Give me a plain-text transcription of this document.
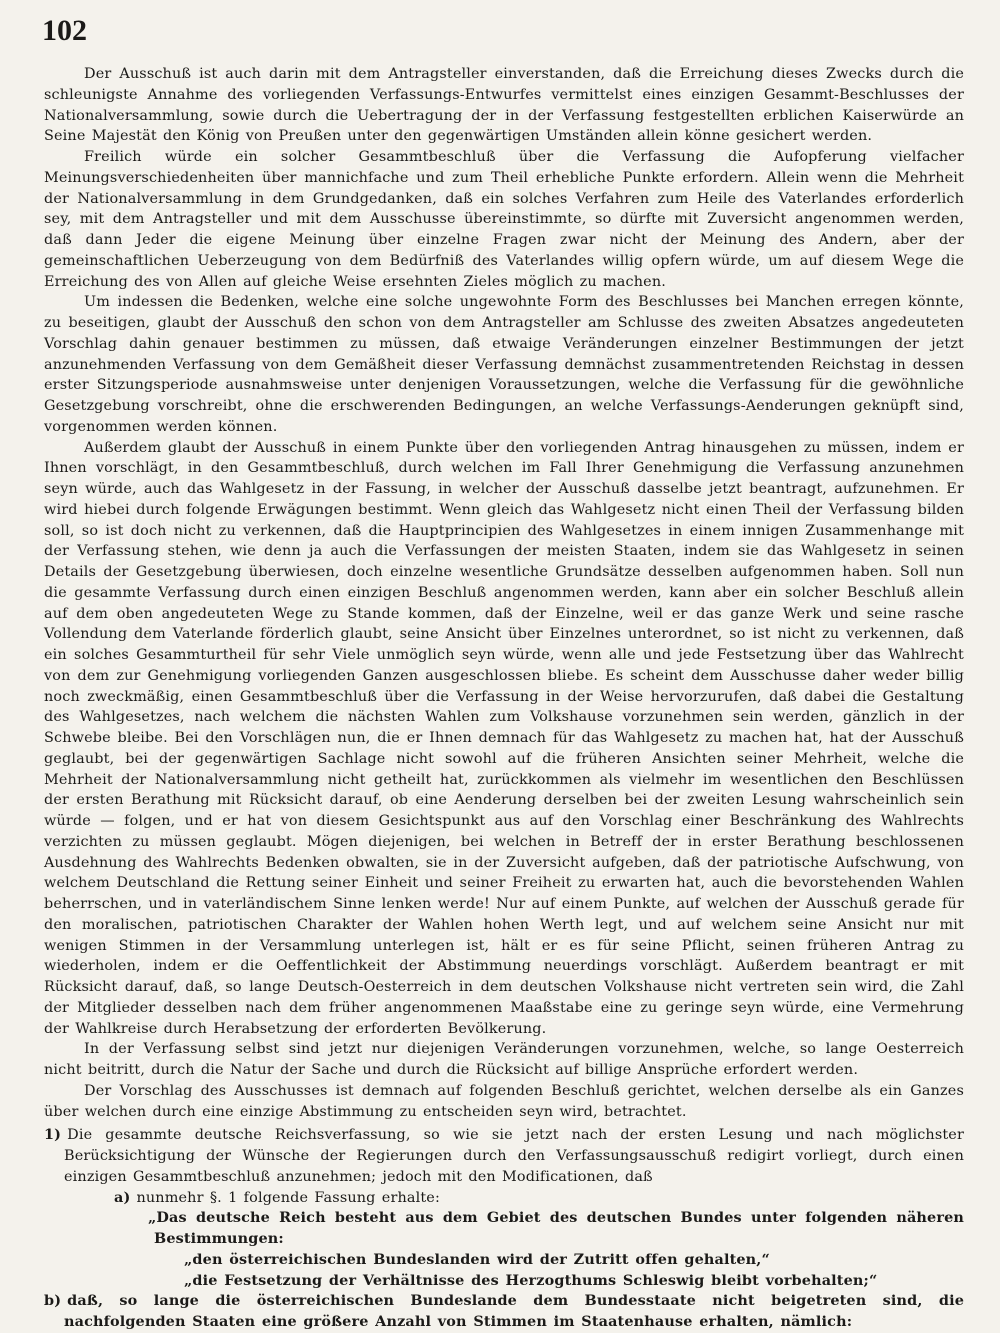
102

Der Ausschuß ist auch darin mit dem Antragsteller einverstanden, daß die Erreichung dieses Zwecks durch die schleunigste Annahme des vorliegenden Verfassungs-Entwurfes vermittelst eines einzigen Gesammt-Beschlusses der Nationalversammlung, sowie durch die Uebertragung der in der Verfassung festgestellten erblichen Kaiserwürde an Seine Majestät den König von Preußen unter den gegenwärtigen Umständen allein könne gesichert werden.

Freilich würde ein solcher Gesammtbeschluß über die Verfassung die Aufopferung vielfacher Meinungsverschiedenheiten über mannichfache und zum Theil erhebliche Punkte erfordern. Allein wenn die Mehrheit der Nationalversammlung in dem Grundgedanken, daß ein solches Verfahren zum Heile des Vaterlandes erforderlich sey, mit dem Antragsteller und mit dem Ausschusse übereinstimmte, so dürfte mit Zuversicht angenommen werden, daß dann Jeder die eigene Meinung über einzelne Fragen zwar nicht der Meinung des Andern, aber der gemeinschaftlichen Ueberzeugung von dem Bedürfniß des Vaterlandes willig opfern würde, um auf diesem Wege die Erreichung des von Allen auf gleiche Weise ersehnten Zieles möglich zu machen.

Um indessen die Bedenken, welche eine solche ungewohnte Form des Beschlusses bei Manchen erregen könnte, zu beseitigen, glaubt der Ausschuß den schon von dem Antragsteller am Schlusse des zweiten Absatzes angedeuteten Vorschlag dahin genauer bestimmen zu müssen, daß etwaige Veränderungen einzelner Bestimmungen der jetzt anzunehmenden Verfassung von dem Gemäßheit dieser Verfassung demnächst zusammentretenden Reichstag in dessen erster Sitzungsperiode ausnahmsweise unter denjenigen Voraussetzungen, welche die Verfassung für die gewöhnliche Gesetzgebung vorschreibt, ohne die erschwerenden Bedingungen, an welche Verfassungs-Aenderungen geknüpft sind, vorgenommen werden können.

Außerdem glaubt der Ausschuß in einem Punkte über den vorliegenden Antrag hinausgehen zu müssen, indem er Ihnen vorschlägt, in den Gesammtbeschluß, durch welchen im Fall Ihrer Genehmigung die Verfassung anzunehmen seyn würde, auch das Wahlgesetz in der Fassung, in welcher der Ausschuß dasselbe jetzt beantragt, aufzunehmen. Er wird hiebei durch folgende Erwägungen bestimmt. Wenn gleich das Wahlgesetz nicht einen Theil der Verfassung bilden soll, so ist doch nicht zu verkennen, daß die Hauptprincipien des Wahlgesetzes in einem innigen Zusammenhange mit der Verfassung stehen, wie denn ja auch die Verfassungen der meisten Staaten, indem sie das Wahlgesetz in seinen Details der Gesetzgebung überwiesen, doch einzelne wesentliche Grundsätze desselben aufgenommen haben. Soll nun die gesammte Verfassung durch einen einzigen Beschluß angenommen werden, kann aber ein solcher Beschluß allein auf dem oben angedeuteten Wege zu Stande kommen, daß der Einzelne, weil er das ganze Werk und seine rasche Vollendung dem Vaterlande förderlich glaubt, seine Ansicht über Einzelnes unterordnet, so ist nicht zu verkennen, daß ein solches Gesammturtheil für sehr Viele unmöglich seyn würde, wenn alle und jede Festsetzung über das Wahlrecht von dem zur Genehmigung vorliegenden Ganzen ausgeschlossen bliebe. Es scheint dem Ausschusse daher weder billig noch zweckmäßig, einen Gesammtbeschluß über die Verfassung in der Weise hervorzurufen, daß dabei die Gestaltung des Wahlgesetzes, nach welchem die nächsten Wahlen zum Volkshause vorzunehmen sein werden, gänzlich in der Schwebe bleibe. Bei den Vorschlägen nun, die er Ihnen demnach für das Wahlgesetz zu machen hat, hat der Ausschuß geglaubt, bei der gegenwärtigen Sachlage nicht sowohl auf die früheren Ansichten seiner Mehrheit, welche die Mehrheit der Nationalversammlung nicht getheilt hat, zurückkommen als vielmehr im wesentlichen den Beschlüssen der ersten Berathung mit Rücksicht darauf, ob eine Aenderung derselben bei der zweiten Lesung wahrscheinlich sein würde — folgen, und er hat von diesem Gesichtspunkt aus auf den Vorschlag einer Beschränkung des Wahlrechts verzichten zu müssen geglaubt. Mögen diejenigen, bei welchen in Betreff der in erster Berathung beschlossenen Ausdehnung des Wahlrechts Bedenken obwalten, sie in der Zuversicht aufgeben, daß der patriotische Aufschwung, von welchem Deutschland die Rettung seiner Einheit und seiner Freiheit zu erwarten hat, auch die bevorstehenden Wahlen beherrschen, und in vaterländischem Sinne lenken werde! Nur auf einem Punkte, auf welchen der Ausschuß gerade für den moralischen, patriotischen Charakter der Wahlen hohen Werth legt, und auf welchem seine Ansicht nur mit wenigen Stimmen in der Versammlung unterlegen ist, hält er es für seine Pflicht, seinen früheren Antrag zu wiederholen, indem er die Oeffentlichkeit der Abstimmung neuerdings vorschlägt. Außerdem beantragt er mit Rücksicht darauf, daß, so lange Deutsch-Oesterreich in dem deutschen Volkshause nicht vertreten sein wird, die Zahl der Mitglieder desselben nach dem früher angenommenen Maaßstabe eine zu geringe seyn würde, eine Vermehrung der Wahlkreise durch Herabsetzung der erforderten Bevölkerung.

In der Verfassung selbst sind jetzt nur diejenigen Veränderungen vorzunehmen, welche, so lange Oesterreich nicht beitritt, durch die Natur der Sache und durch die Rücksicht auf billige Ansprüche erfordert werden.

Der Vorschlag des Ausschusses ist demnach auf folgenden Beschluß gerichtet, welchen derselbe als ein Ganzes über welchen durch eine einzige Abstimmung zu entscheiden seyn wird, betrachtet.

1) Die gesammte deutsche Reichsverfassung, so wie sie jetzt nach der ersten Lesung und nach möglichster Berücksichtigung der Wünsche der Regierungen durch den Verfassungsausschuß redigirt vorliegt, durch einen einzigen Gesammtbeschluß anzunehmen; jedoch mit den Modificationen, daß

a) nunmehr §. 1 folgende Fassung erhalte:

„Das deutsche Reich besteht aus dem Gebiet des deutschen Bundes unter folgenden näheren Bestimmungen:

„den österreichischen Bundeslanden wird der Zutritt offen gehalten,“

„die Festsetzung der Verhältnisse des Herzogthums Schleswig bleibt vorbehalten;“

b) daß, so lange die österreichischen Bundeslande dem Bundesstaate nicht beigetreten sind, die nachfolgenden Staaten eine größere Anzahl von Stimmen im Staatenhause erhalten, nämlich:
